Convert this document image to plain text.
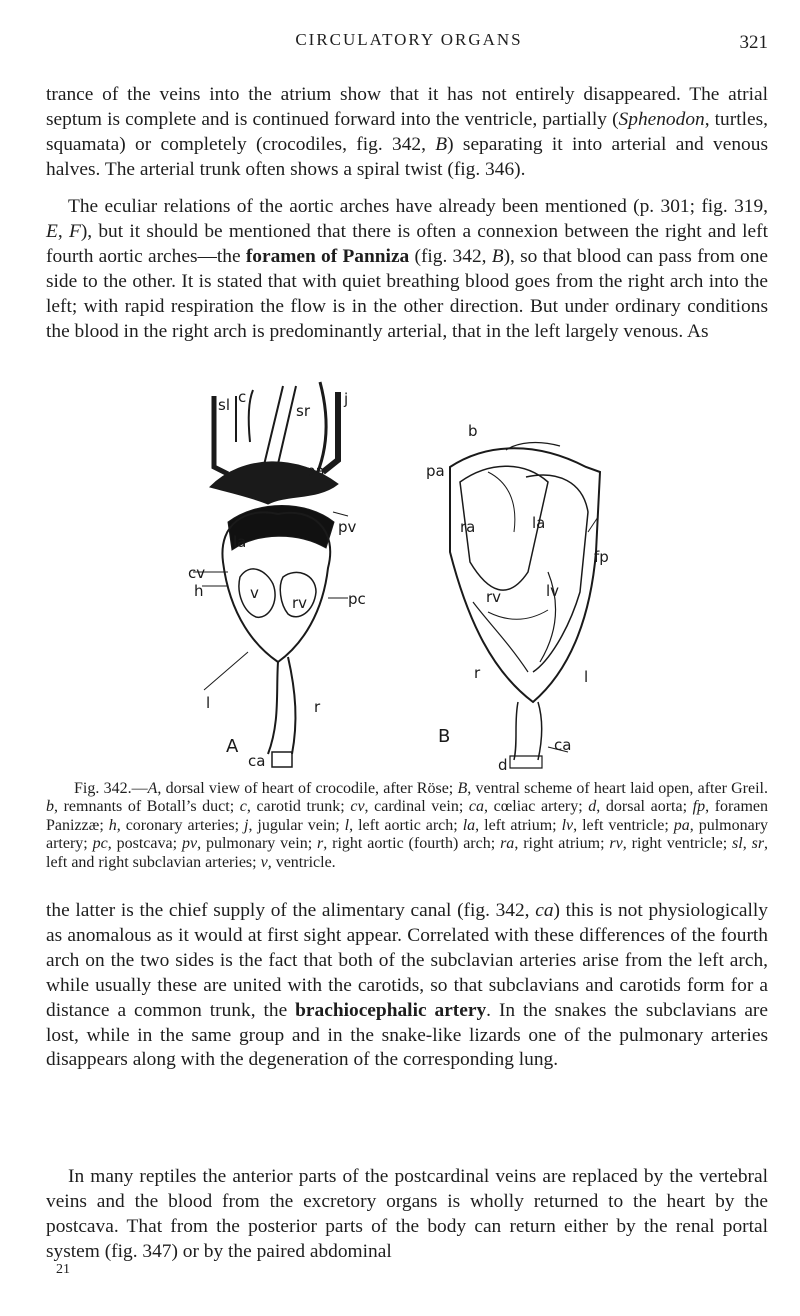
CIRCULATORY ORGANS	321

trance of the veins into the atrium show that it has not entirely disappeared. The atrial septum is complete and is continued forward into the ventricle, partially (Sphenodon, turtles, squamata) or completely (crocodiles, fig. 342, B) separating it into arterial and venous halves. The arterial trunk often shows a spiral twist (fig. 346).

The eculiar relations of the aortic arches have already been mentioned (p. 301; fig. 319, E, F), but it should be mentioned that there is often a connexion between the right and left fourth aortic arches—the foramen of Panniza (fig. 342, B), so that blood can pass from one side to the other. It is stated that with quiet breathing blood goes from the right arch into the left; with rapid respiration the flow is in the other direction. But under ordinary conditions the blood in the right arch is predominantly arterial, that in the left largely venous. As

sl c
sr
j
pa
pv
cv
la
pc
rv
v
h
l	r
A
ca
b
pa
ra	la
fp
rv	lv
r	l
B	ca
d

Fig. 342.—A, dorsal view of heart of crocodile, after Röse; B, ventral scheme of heart laid open, after Greil. b, remnants of Botall’s duct; c, carotid trunk; cv, cardinal vein; ca, cœliac artery; d, dorsal aorta; fp, foramen Panizzæ; h, coronary arteries; j, jugular vein; l, left aortic arch; la, left atrium; lv, left ventricle; pa, pulmonary artery; pc, postcava; pv, pulmonary vein; r, right aortic (fourth) arch; ra, right atrium; rv, right ventricle; sl, sr, left and right subclavian arteries; v, ventricle.

the latter is the chief supply of the alimentary canal (fig. 342, ca) this is not physiologically as anomalous as it would at first sight appear. Correlated with these differences of the fourth arch on the two sides is the fact that both of the subclavian arteries arise from the left arch, while usually these are united with the carotids, so that subclavians and carotids form for a distance a common trunk, the brachiocephalic artery. In the snakes the subclavians are lost, while in the same group and in the snake-like lizards one of the pulmonary arteries disappears along with the degeneration of the corresponding lung.

In many reptiles the anterior parts of the postcardinal veins are replaced by the vertebral veins and the blood from the excretory organs is wholly returned to the heart by the postcava. That from the posterior parts of the body can return either by the renal portal system (fig. 347) or by the paired abdominal

21
